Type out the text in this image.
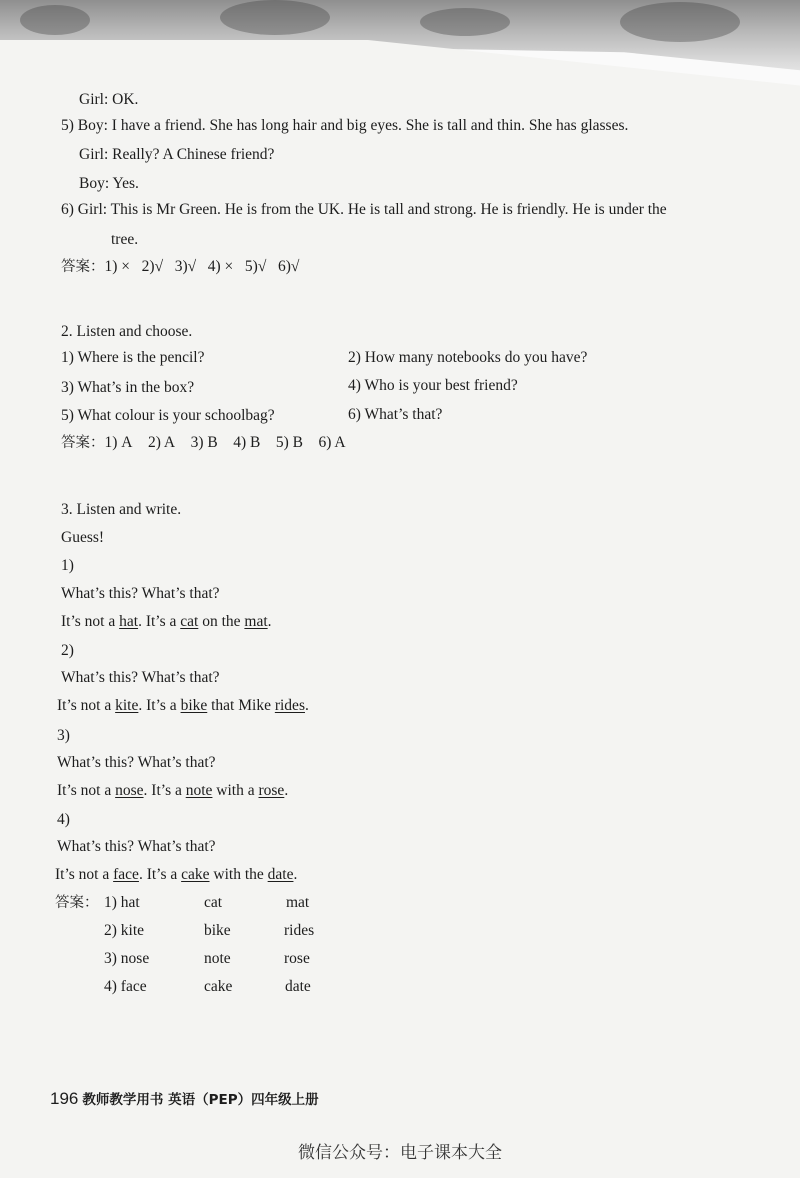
Girl: OK.
5) Boy: I have a friend. She has long hair and big eyes. She is tall and thin. She has glasses.
Girl: Really? A Chinese friend?
Boy: Yes.
6) Girl: This is Mr Green. He is from the UK. He is tall and strong. He is friendly. He is under the
tree.
答案：1) × 2)√ 3)√ 4) × 5)√ 6)√
2. Listen and choose.
1) Where is the pencil?	2) How many notebooks do you have?
3) What’s in the box?	4) Who is your best friend?
5) What colour is your schoolbag?	6) What’s that?
答案：1) A 2) A 3) B 4) B 5) B 6) A
3. Listen and write.
Guess!
1)
What’s this? What’s that?
It’s not a hat. It’s a cat on the mat.
2)
What’s this? What’s that?
It’s not a kite. It’s a bike that Mike rides.
3)
What’s this? What’s that?
It’s not a nose. It’s a note with a rose.
4)
What’s this? What’s that?
It’s not a face. It’s a cake with the date.
答案： 1) hat	cat	mat
2) kite	bike	rides
3) nose	note	rose
4) face	cake	date
196 教师教学用书 英语（PEP）四年级上册
微信公众号：电子课本大全
